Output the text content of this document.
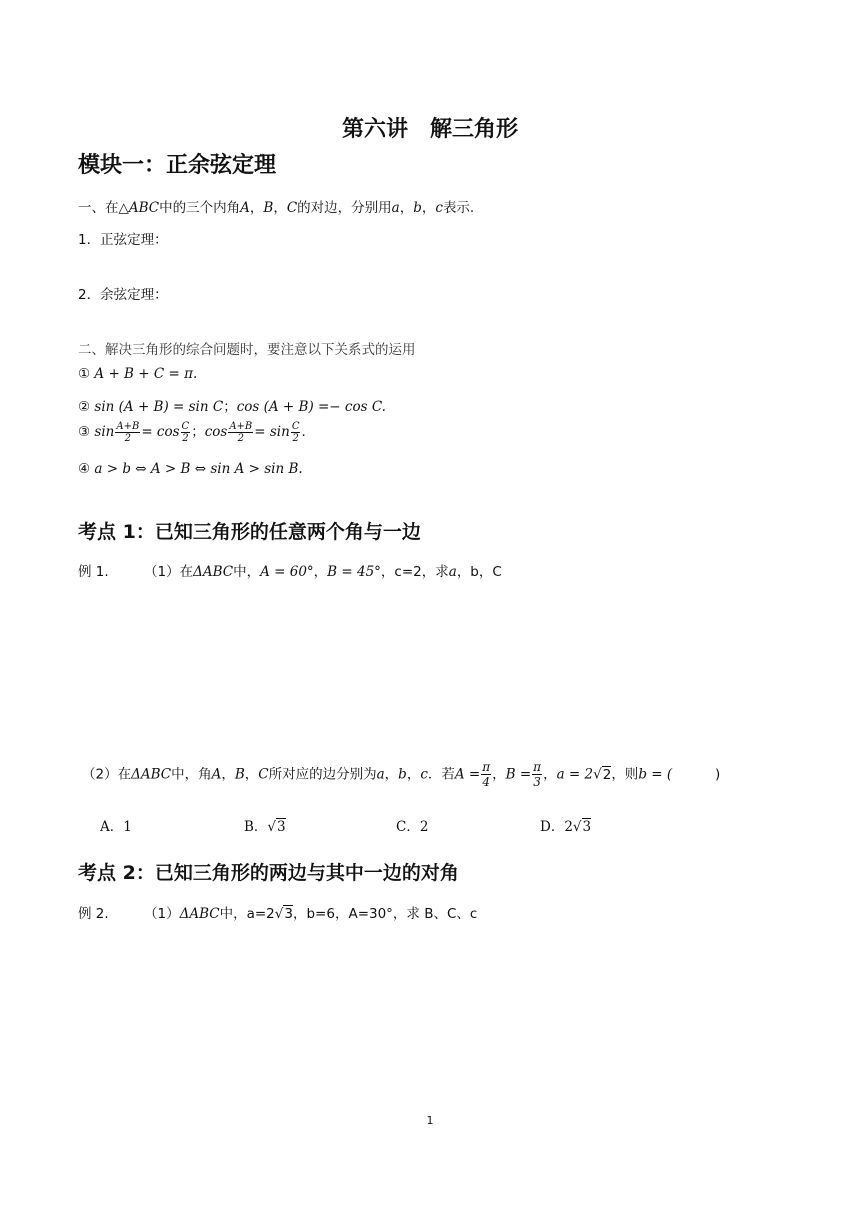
第六讲　解三角形
模块一：正余弦定理
一、在△ABC中的三个内角A，B，C的对边，分别用a，b，c表示.
1．正弦定理：
2．余弦定理：
二、解决三角形的综合问题时，要注意以下关系式的运用
① A + B + C = π.
② sin (A + B) = sin C；cos (A + B) =− cos C.
③ $\sin \frac{A+B}{2} = \cos \frac{C}{2}$ ；$\cos \frac{A+B}{2} = \sin \frac{C}{2}$ .
④ a > b ⇔ A > B ⇔ sin A > sin B.
考点 1：已知三角形的任意两个角与一边
例 1.	（1）在ΔABC中，A = 60°，B = 45°，c=2，求a，b，C
（2）在ΔABC中，角A，B，C所对应的边分别为a，b，c．若$A = \frac{\pi}{4}$ ，$B = \frac{\pi}{3}$ ，a = 2√2，则b = (	)
A．1	B．√3	C．2	D．2√3
考点 2：已知三角形的两边与其中一边的对角
例 2.	（1）ΔABC中，a=2√3，b=6，A=30°，求 B、C、c
1
